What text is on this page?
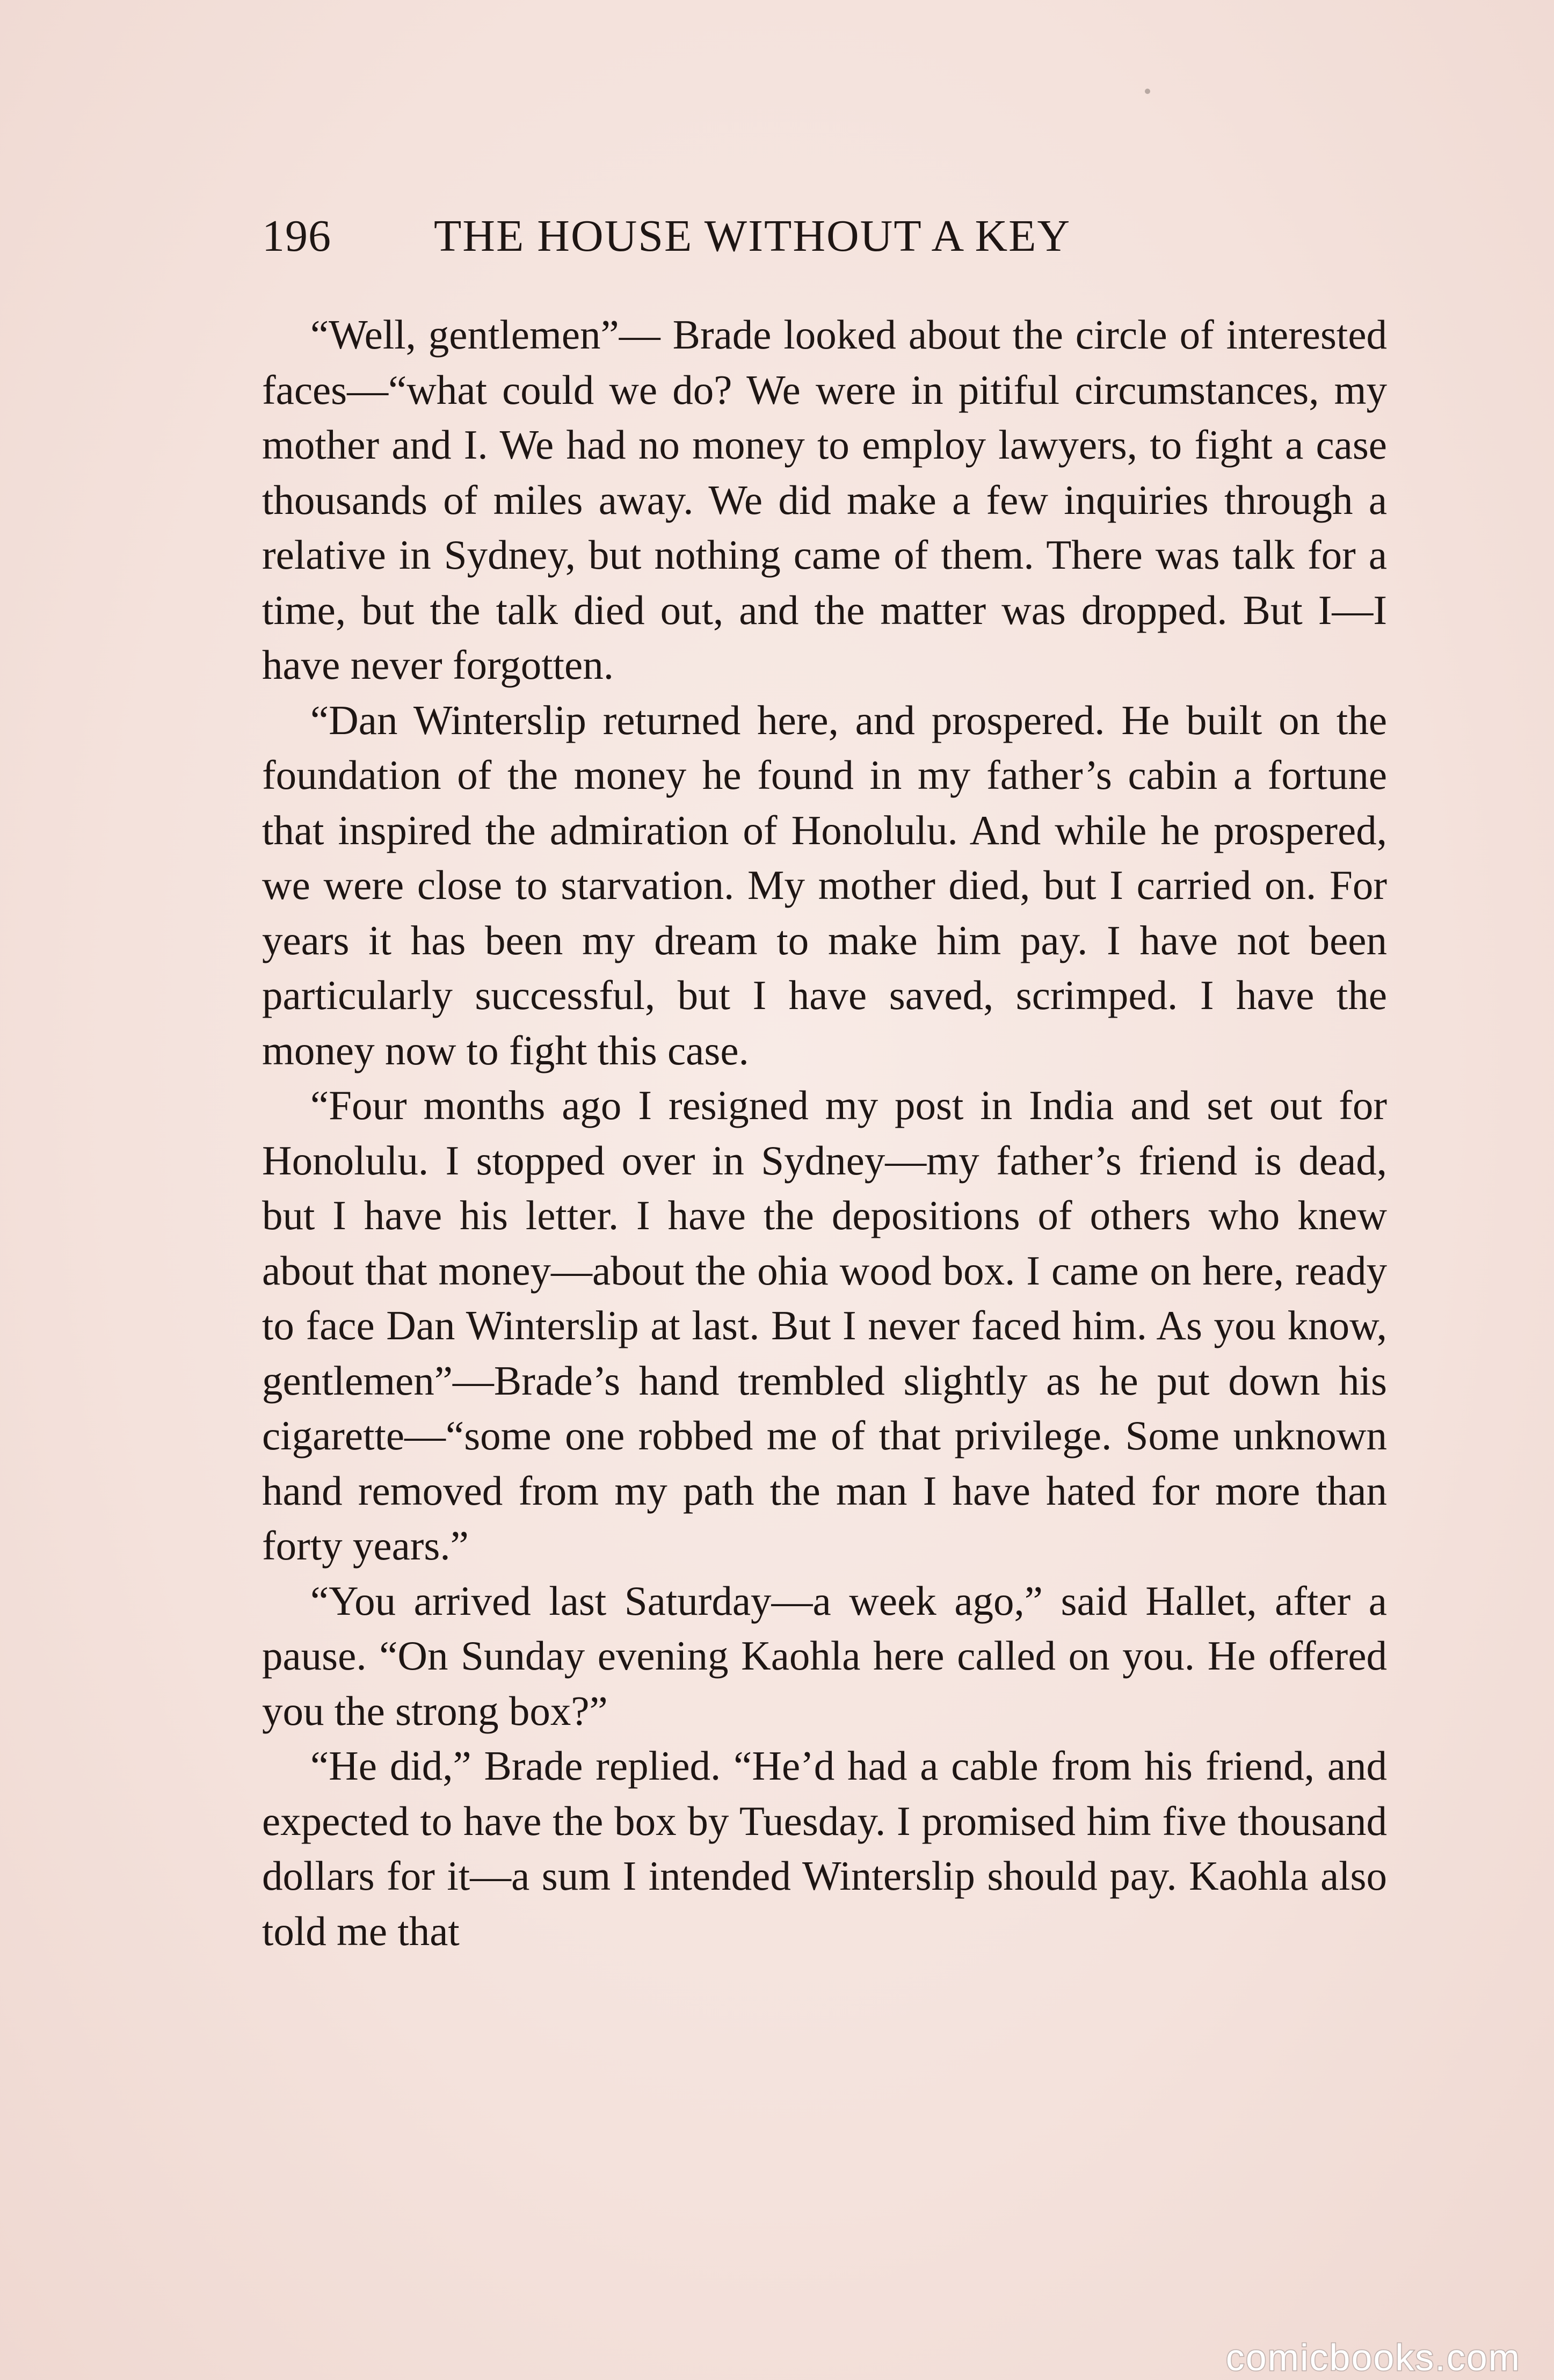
196 THE HOUSE WITHOUT A KEY

“Well, gentlemen”— Brade looked about the circle of interested faces—“what could we do? We were in pitiful circumstances, my mother and I. We had no money to employ lawyers, to fight a case thousands of miles away. We did make a few inquiries through a relative in Sydney, but nothing came of them. There was talk for a time, but the talk died out, and the matter was dropped. But I—I have never forgotten.

“Dan Winterslip returned here, and prospered. He built on the foundation of the money he found in my father’s cabin a fortune that inspired the admiration of Honolulu. And while he prospered, we were close to starvation. My mother died, but I carried on. For years it has been my dream to make him pay. I have not been particularly successful, but I have saved, scrimped. I have the money now to fight this case.

“Four months ago I resigned my post in India and set out for Honolulu. I stopped over in Sydney—my father’s friend is dead, but I have his letter. I have the depositions of others who knew about that money—about the ohia wood box. I came on here, ready to face Dan Winterslip at last. But I never faced him. As you know, gentlemen”—Brade’s hand trembled slightly as he put down his cigarette—“some one robbed me of that privilege. Some unknown hand removed from my path the man I have hated for more than forty years.”

“You arrived last Saturday—a week ago,” said Hallet, after a pause. “On Sunday evening Kaohla here called on you. He offered you the strong box?”

“He did,” Brade replied. “He’d had a cable from his friend, and expected to have the box by Tuesday. I promised him five thousand dollars for it—a sum I intended Winterslip should pay. Kaohla also told me that

comicbooks.com
